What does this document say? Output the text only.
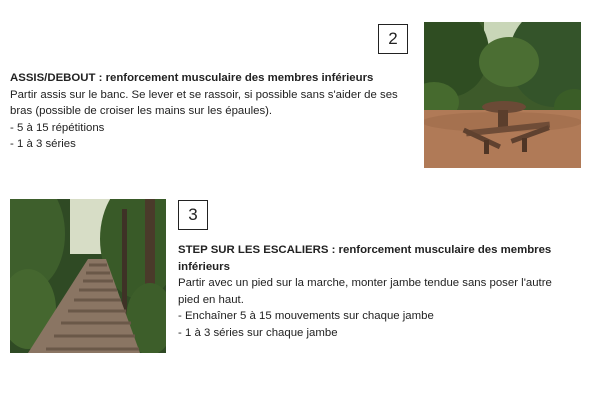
2

ASSIS/DEBOUT : renforcement musculaire des membres inférieurs

Partir assis sur le banc. Se lever et se rassoir, si possible sans s'aider de ses bras (possible de croiser les mains sur les épaules).

- 5 à 15 répétitions

- 1 à 3 séries

3

STEP SUR LES ESCALIERS : renforcement musculaire des membres inférieurs

Partir avec un pied sur la marche, monter jambe tendue sans poser l'autre pied en haut.

- Enchaîner 5 à 15 mouvements sur chaque jambe

- 1 à 3 séries sur chaque jambe
